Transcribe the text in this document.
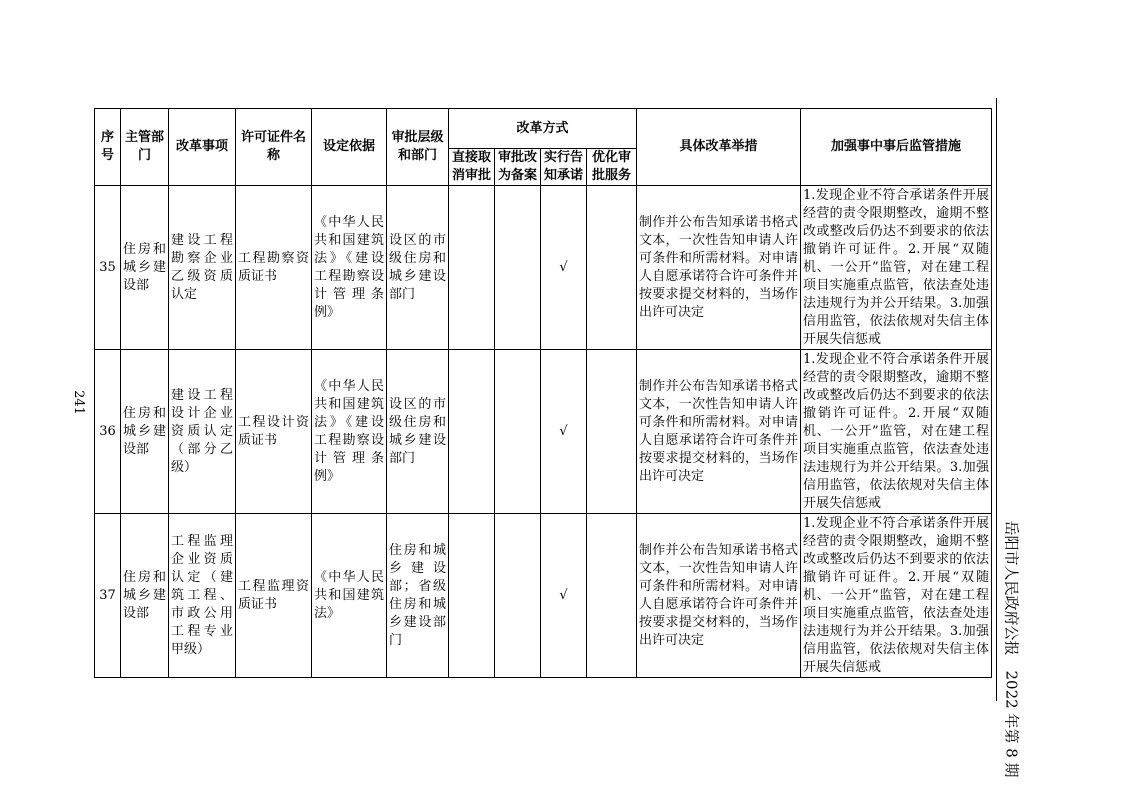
241
岳阳市人民政府公报　2022 年第 8 期
序号	主管部门	改革事项	许可证件名称	设定依据	审批层级和部门	改革方式				具体改革举措	加强事中事后监管措施
						直接取消审批	审批改为备案	实行告知承诺	优化审批服务		
35	住房和城乡建设部	建设工程勘察企业乙级资质认定	工程勘察资质证书	《中华人民共和国建筑法》《建设工程勘察设计管理条例》	设区的市级住房和城乡建设部门			√		制作并公布告知承诺书格式文本，一次性告知申请人许可条件和所需材料。对申请人自愿承诺符合许可条件并按要求提交材料的，当场作出许可决定	1.发现企业不符合承诺条件开展经营的责令限期整改，逾期不整改或整改后仍达不到要求的依法撤销许可证件。2.开展“双随机、一公开”监管，对在建工程项目实施重点监管，依法查处违法违规行为并公开结果。3.加强信用监管，依法依规对失信主体开展失信惩戒
36	住房和城乡建设部	建设工程设计企业资质认定（部分乙级）	工程设计资质证书	《中华人民共和国建筑法》《建设工程勘察设计管理条例》	设区的市级住房和城乡建设部门			√		制作并公布告知承诺书格式文本，一次性告知申请人许可条件和所需材料。对申请人自愿承诺符合许可条件并按要求提交材料的，当场作出许可决定	1.发现企业不符合承诺条件开展经营的责令限期整改，逾期不整改或整改后仍达不到要求的依法撤销许可证件。2.开展“双随机、一公开”监管，对在建工程项目实施重点监管，依法查处违法违规行为并公开结果。3.加强信用监管，依法依规对失信主体开展失信惩戒
37	住房和城乡建设部	工程监理企业资质认定（建筑工程、市政公用工程专业甲级）	工程监理资质证书	《中华人民共和国建筑法》	住房和城乡建设部；省级住房和城乡建设部门			√		制作并公布告知承诺书格式文本，一次性告知申请人许可条件和所需材料。对申请人自愿承诺符合许可条件并按要求提交材料的，当场作出许可决定	1.发现企业不符合承诺条件开展经营的责令限期整改，逾期不整改或整改后仍达不到要求的依法撤销许可证件。2.开展“双随机、一公开”监管，对在建工程项目实施重点监管，依法查处违法违规行为并公开结果。3.加强信用监管，依法依规对失信主体开展失信惩戒
